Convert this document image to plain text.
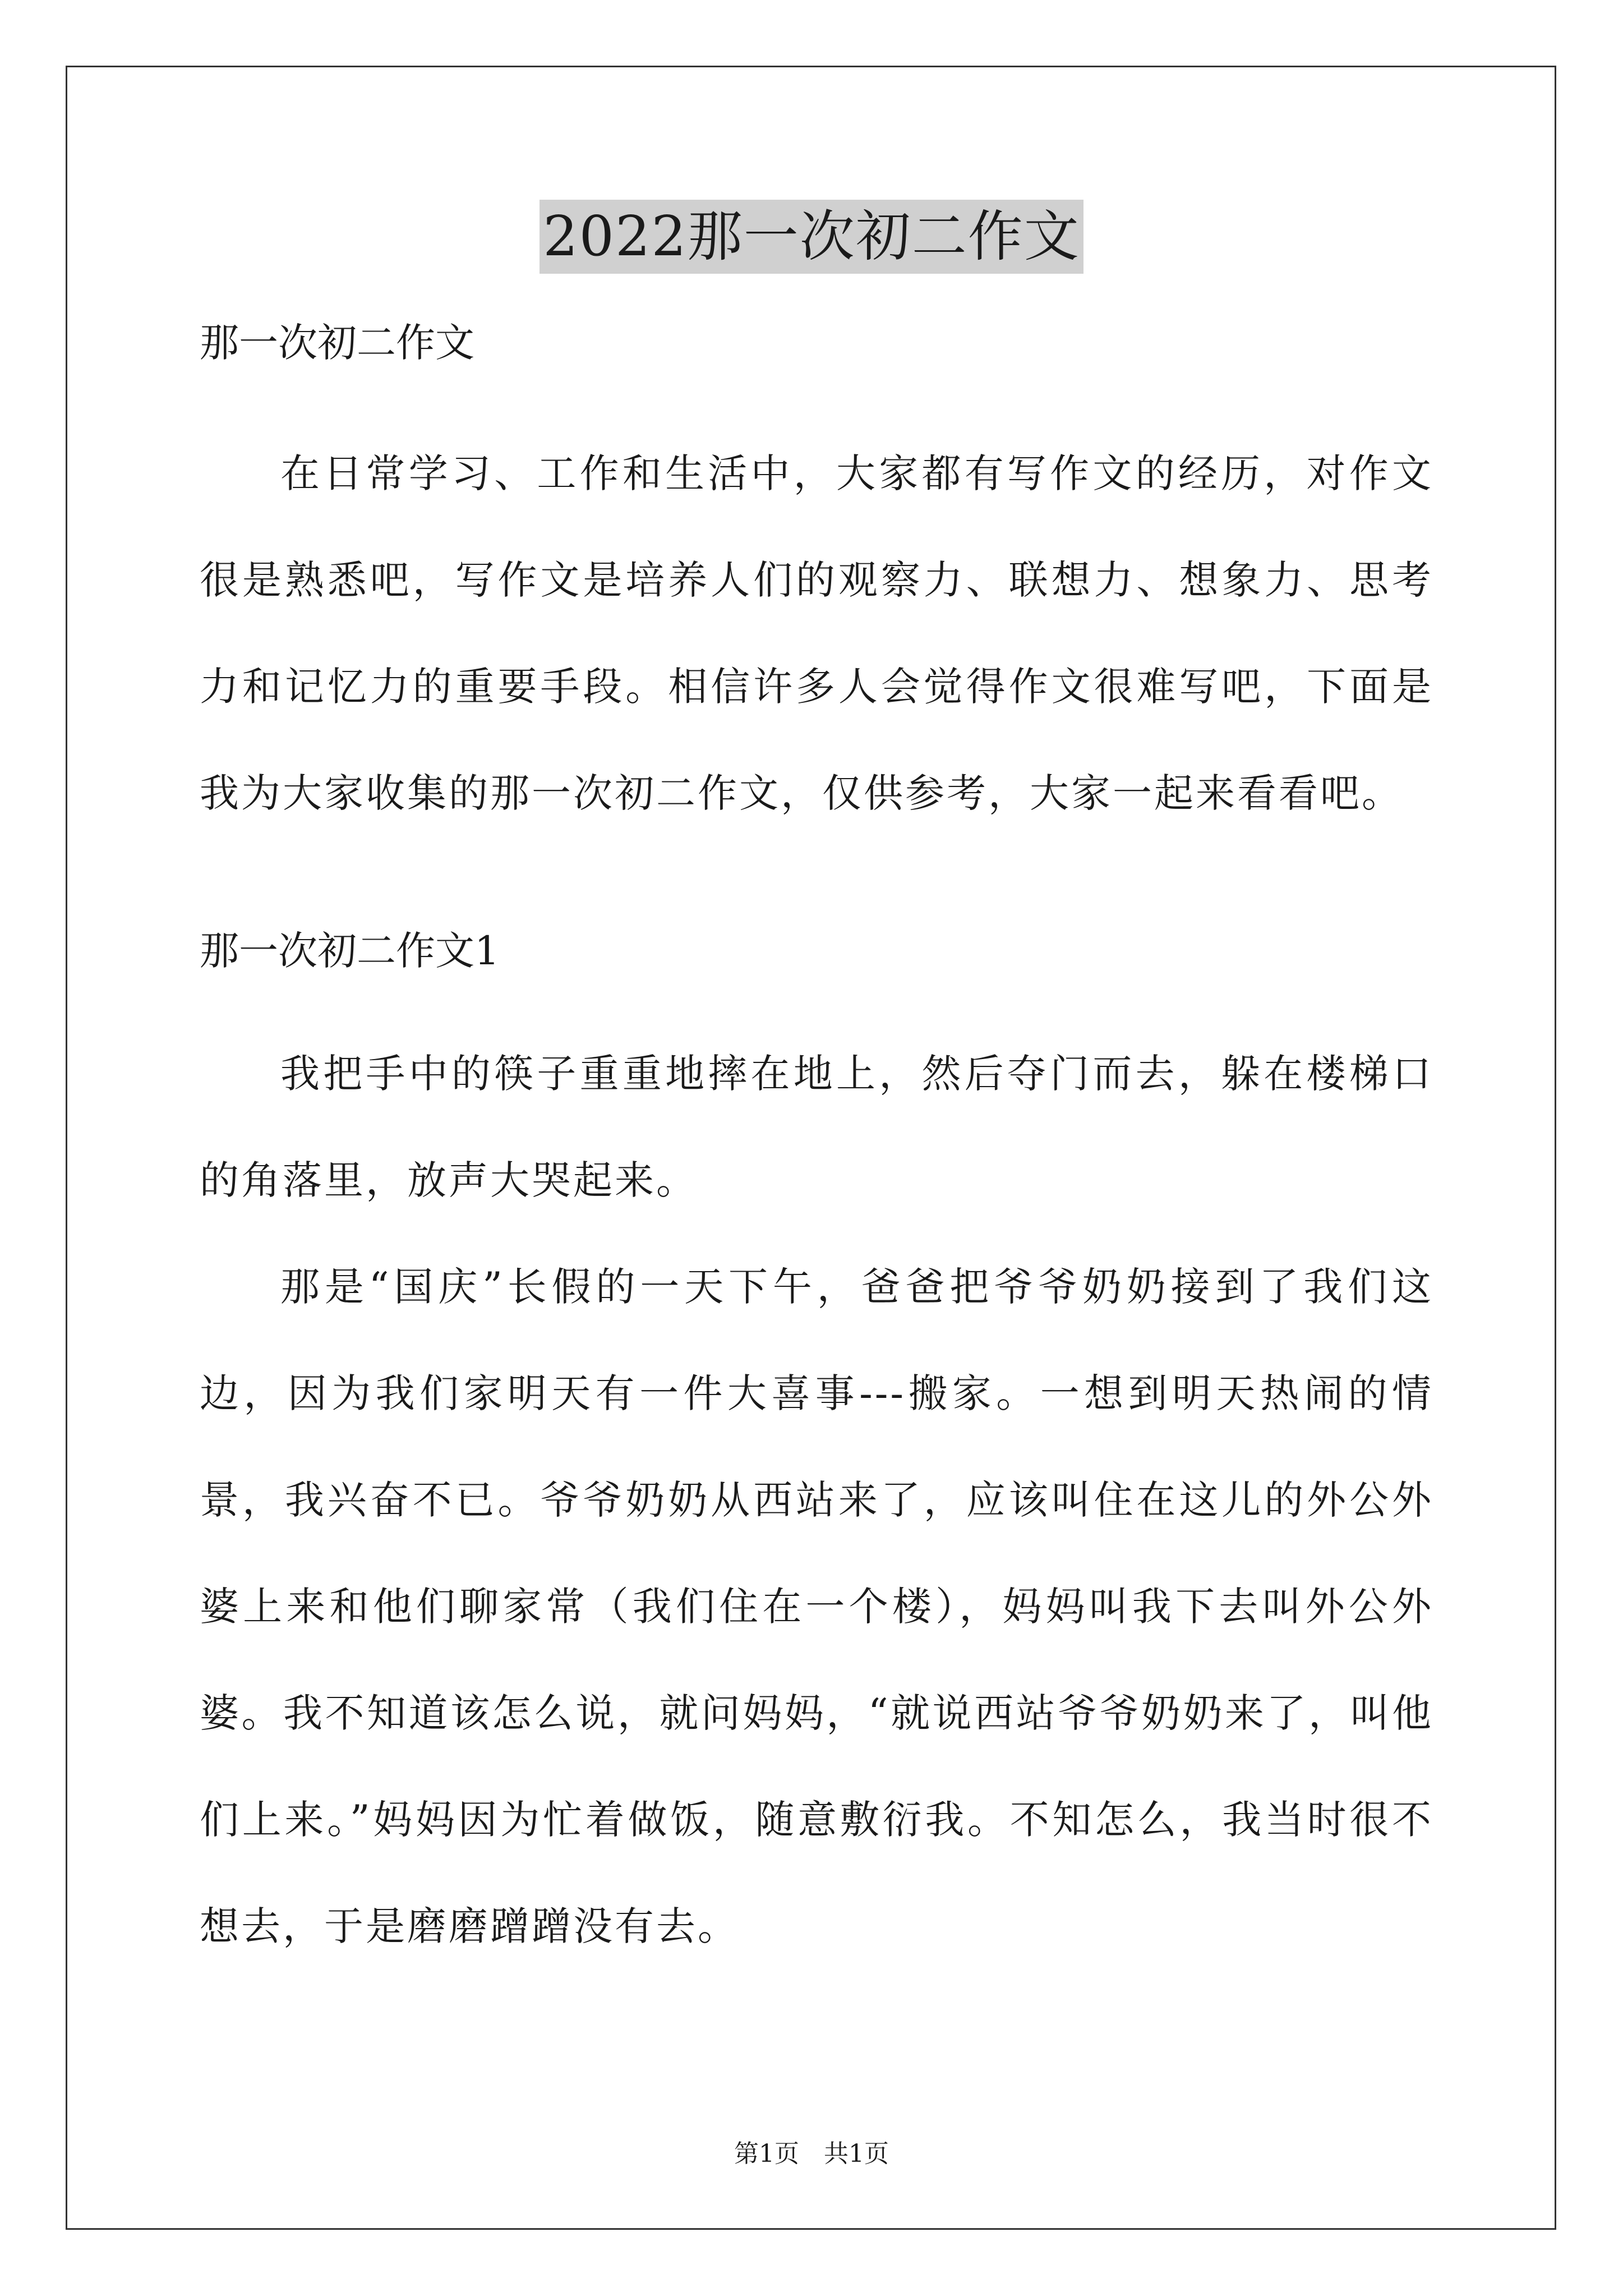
2022那一次初二作文
那一次初二作文

在日常学习、工作和生活中，大家都有写作文的经历，对作文很是熟悉吧，写作文是培养人们的观察力、联想力、想象力、思考力和记忆力的重要手段。相信许多人会觉得作文很难写吧，下面是我为大家收集的那一次初二作文，仅供参考，大家一起来看看吧。

那一次初二作文1

我把手中的筷子重重地摔在地上，然后夺门而去，躲在楼梯口的角落里，放声大哭起来。

那是“国庆”长假的一天下午，爸爸把爷爷奶奶接到了我们这边，因为我们家明天有一件大喜事---搬家。一想到明天热闹的情景，我兴奋不已。爷爷奶奶从西站来了，应该叫住在这儿的外公外婆上来和他们聊家常（我们住在一个楼），妈妈叫我下去叫外公外婆。我不知道该怎么说，就问妈妈，“就说西站爷爷奶奶来了，叫他们上来。”妈妈因为忙着做饭，随意敷衍我。不知怎么，我当时很不想去，于是磨磨蹭蹭没有去。

第1页　共1页
